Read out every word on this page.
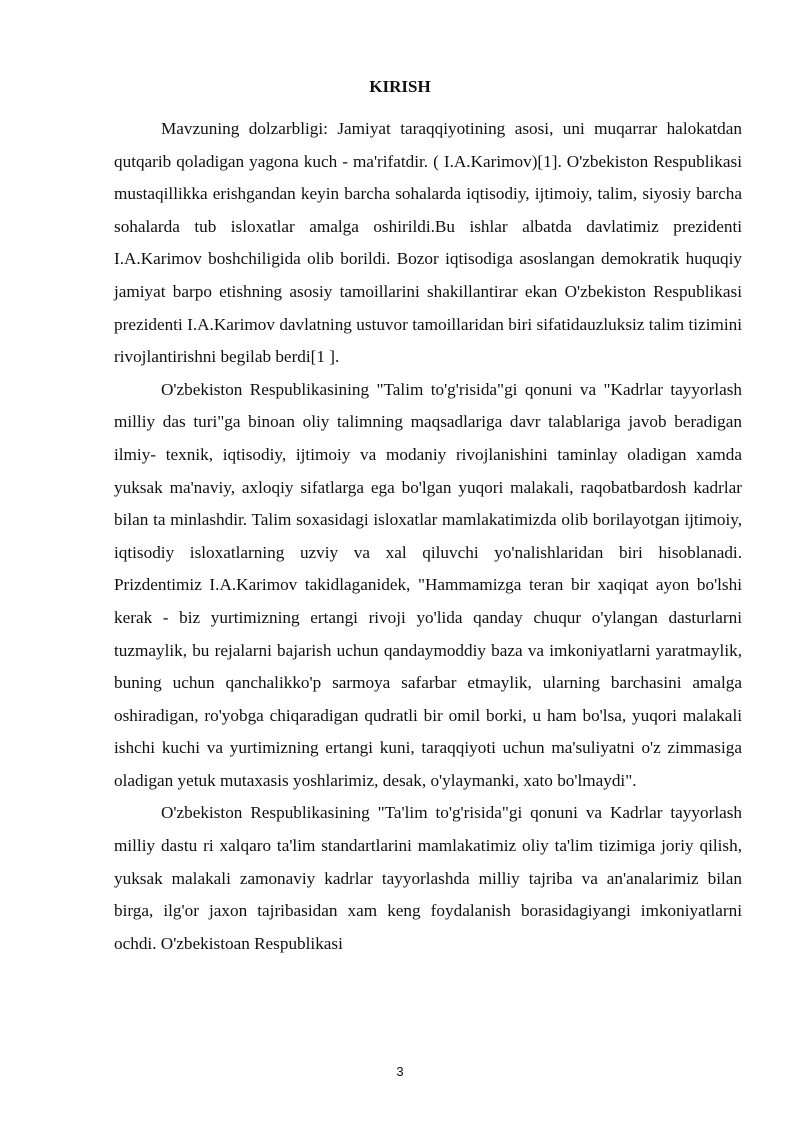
KIRISH

Mavzuning dolzarbligi: Jamiyat taraqqiyotining asosi, uni muqarrar halokatdan qutqarib qoladigan yagona kuch - ma'rifatdir. ( I.A.Karimov)[1]. O'zbekiston Respublikasi mustaqillikka erishgandan keyin barcha sohalarda iqtisodiy, ijtimoiy, talim, siyosiy barcha sohalarda tub isloxatlar amalga oshirildi.Bu ishlar albatda davlatimiz prezidenti I.A.Karimov boshchiligida olib borildi. Bozor iqtisodiga asoslangan demokratik huquqiy jamiyat barpo etishning asosiy tamoillarini shakillantirar ekan O'zbekiston Respublikasi prezidenti I.A.Karimov davlatning ustuvor tamoillaridan biri sifatidauzluksiz talim tizimini rivojlantirishni begilab berdi[1 ].

O'zbekiston Respublikasining "Talim to'g'risida"gi qonuni va "Kadrlar tayyorlash milliy das turi"ga binoan oliy talimning maqsadlariga davr talablariga javob beradigan ilmiy- texnik, iqtisodiy, ijtimoiy va modaniy rivojlanishini taminlay oladigan xamda yuksak ma'naviy, axloqiy sifatlarga ega bo'lgan yuqori malakali, raqobatbardosh kadrlar bilan ta minlashdir. Talim soxasidagi isloxatlar mamlakatimizda olib borilayotgan ijtimoiy, iqtisodiy isloxatlarning uzviy va xal qiluvchi yo'nalishlaridan biri hisoblanadi. Prizdentimiz I.A.Karimov takidlaganidek, "Hammamizga teran bir xaqiqat ayon bo'lshi kerak - biz yurtimizning ertangi rivoji yo'lida qanday chuqur o'ylangan dasturlarni tuzmaylik, bu rejalarni bajarish uchun qandaymoddiy baza va imkoniyatlarni yaratmaylik, buning uchun qanchalikko'p sarmoya safarbar etmaylik, ularning barchasini amalga oshiradigan, ro'yobga chiqaradigan qudratli bir omil borki, u ham bo'lsa, yuqori malakali ishchi kuchi va yurtimizning ertangi kuni, taraqqiyoti uchun ma'suliyatni o'z zimmasiga oladigan yetuk mutaxasis yoshlarimiz, desak, o'ylaymanki, xato bo'lmaydi".

O'zbekiston Respublikasining "Ta'lim to'g'risida"gi qonuni va Kadrlar tayyorlash milliy dastu ri xalqaro ta'lim standartlarini mamlakatimiz oliy ta'lim tizimiga joriy qilish, yuksak malakali zamonaviy kadrlar tayyorlashda milliy tajriba va an'analarimiz bilan birga, ilg'or jaxon tajribasidan xam keng foydalanish borasidagiyangi imkoniyatlarni ochdi. O'zbekistoan Respublikasi

3
